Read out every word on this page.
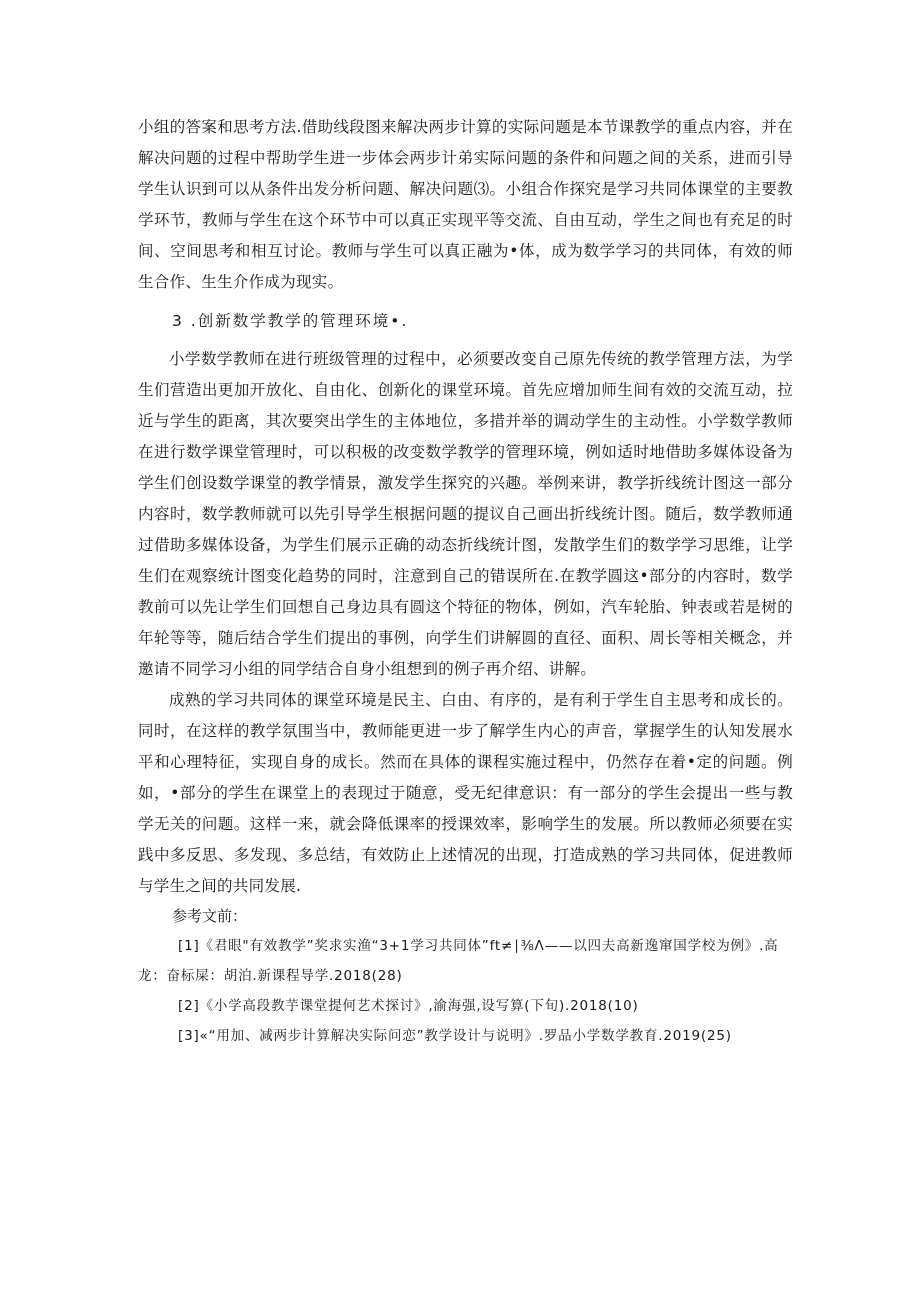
小组的答案和思考方法.借助线段图来解决两步计算的实际问题是本节课教学的重点内容，并在解决问题的过程中帮助学生进一步体会两步计弟实际问题的条件和问题之间的关系，进而引导学生认识到可以从条件出发分析问题、解决问题⑶。小组合作探究是学习共同体课堂的主要教学环节，教师与学生在这个环节中可以真正实现平等交流、自由互动，学生之间也有充足的时间、空间思考和相互讨论。教师与学生可以真正融为•体，成为数学学习的共同体，有效的师生合作、生生介作成为现实。

3 .创新数学教学的管理环境•.

小学数学教师在进行班级管理的过程中，必须要改变自己原先传统的教学管理方法，为学生们营造出更加开放化、自由化、创新化的课堂环境。首先应增加师生间有效的交流互动，拉近与学生的距离，其次要突出学生的主体地位，多措并举的调动学生的主动性。小学数学教师在进行数学课堂管理时，可以积极的改变数学教学的管理环境，例如适时地借助多媒体设备为学生们创设数学课堂的教学情景，激发学生探究的兴趣。举例来讲，教学折线统计图这一部分内容时，数学教师就可以先引导学生根据问题的提议自己画出折线统计图。随后，数学教师通过借助多媒体设备，为学生们展示正确的动态折线统计图，发散学生们的数学学习思维，让学生们在观察统计图变化趋势的同时，注意到自己的错误所在.在教学圆这•部分的内容时，数学教前可以先让学生们回想自己身边具有圆这个特征的物体，例如，汽车轮胎、钟表或若是树的年轮等等，随后结合学生们提出的事例，向学生们讲解圆的直径、面积、周长等相关概念，并邀请不同学习小组的同学结合自身小组想到的例子再介绍、讲解。

成熟的学习共同体的课堂环境是民主、白由、有序的，是有利于学生自主思考和成长的。同时，在这样的教学氛围当中，教师能更进一步了解学生内心的声音，掌握学生的认知发展水平和心理特征，实现自身的成长。然而在具体的课程实施过程中，仍然存在着•定的问题。例如，•部分的学生在课堂上的表现过于随意，受无纪律意识：有一部分的学生会提出一些与教学无关的问题。这样一来，就会降低课率的授课效率，影响学生的发展。所以教师必须要在实践中多反思、多发现、多总结，有效防止上述情况的出现，打造成熟的学习共同体，促进教师与学生之间的共同发展.

参考文前：

[1]《君眼"有效教学”奖求实渔“3+1学习共同体”ft≠∣⅜Λ——以四夫高新逸窜国学校为例》.高龙：奋标屎：胡泊.新课程导学.2018(28)

[2]《小学高段教芋课堂提何艺术探讨》,渝海强,设写算(下旬).2018(10)

[3]«“用加、减两步计算解决实际问恋”教学设计与说明》.罗品小学数学教育.2019(25)
